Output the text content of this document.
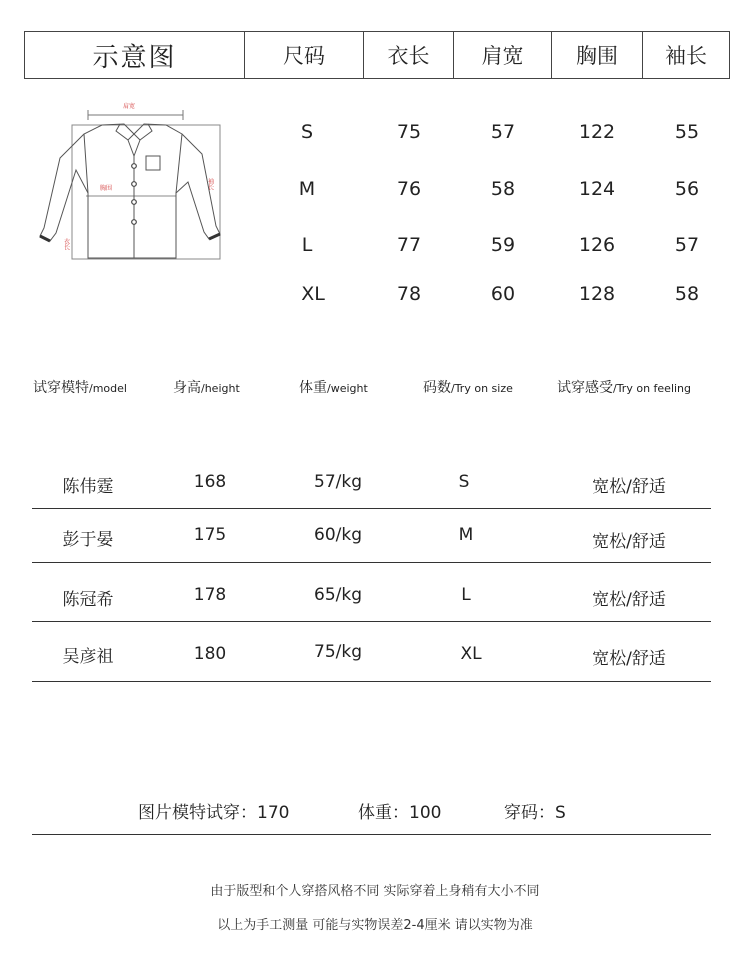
示意图	尺码	衣长	肩宽	胸围	袖长
肩宽
胸围	袖长
衣长
S	75	57	122	55
M	76	58	124	56
L	77	59	126	57
XL	78	60	128	58
试穿模特/model	身高/height	体重/weight	码数/Try on size	试穿感受/Try on feeling
陈伟霆	168	57/kg	S	宽松/舒适
彭于晏	175	60/kg	M	宽松/舒适
陈冠希	178	65/kg	L	宽松/舒适
吴彦祖	180	75/kg	XL	宽松/舒适
图片模特试穿：170	体重：100	穿码：S
由于版型和个人穿搭风格不同 实际穿着上身稍有大小不同
以上为手工测量 可能与实物误差2-4厘米 请以实物为准
